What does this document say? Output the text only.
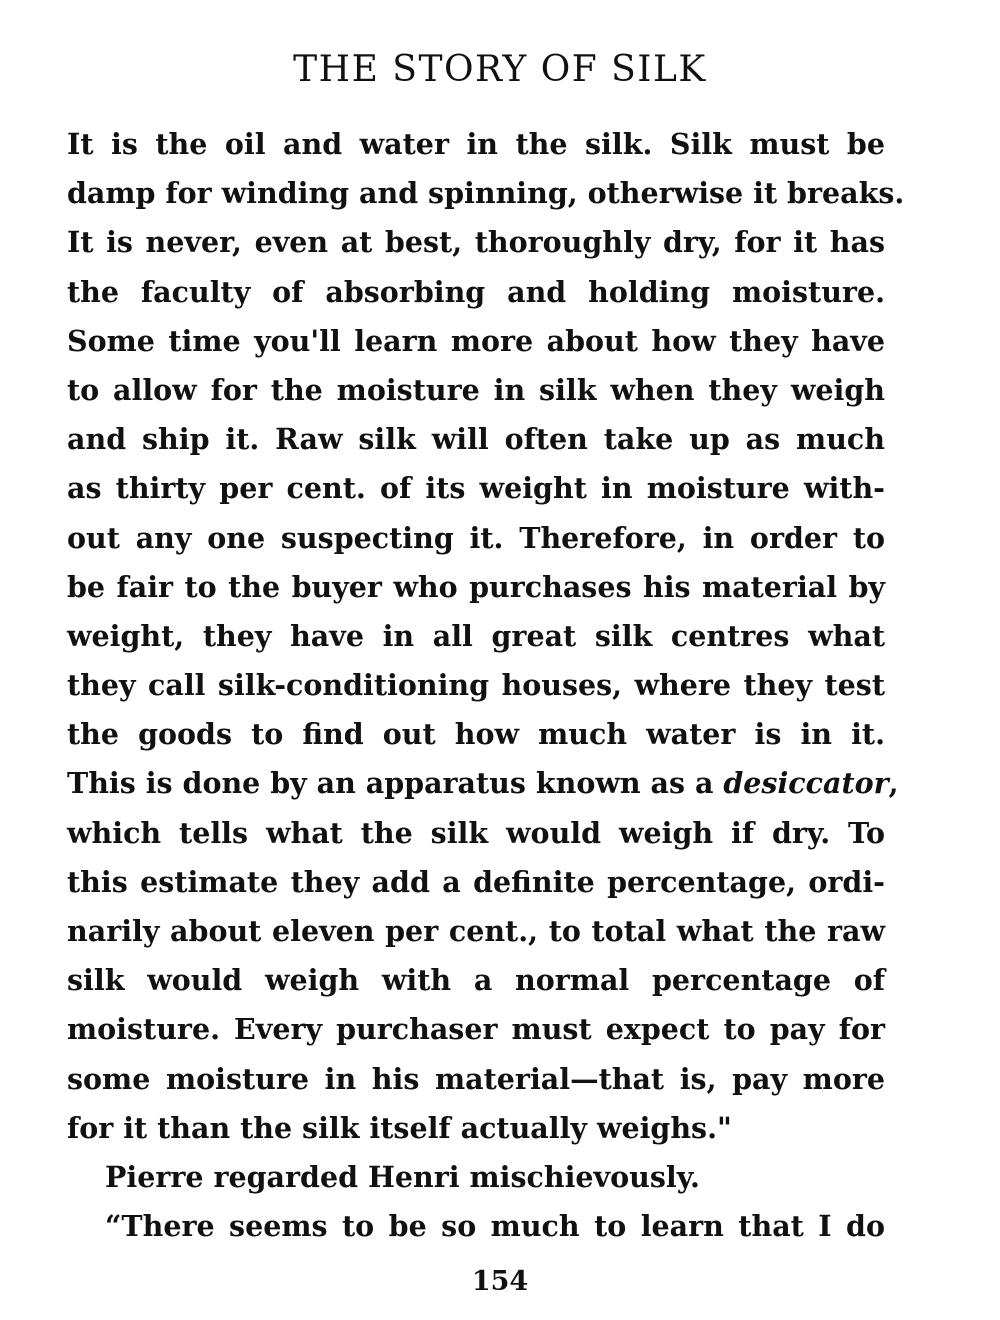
THE STORY OF SILK
It is the oil and water in the silk. Silk must be
damp for winding and spinning, otherwise it breaks.
It is never, even at best, thoroughly dry, for it has
the faculty of absorbing and holding moisture.
Some time you'll learn more about how they have
to allow for the moisture in silk when they weigh
and ship it. Raw silk will often take up as much
as thirty per cent. of its weight in moisture with-
out any one suspecting it. Therefore, in order to
be fair to the buyer who purchases his material by
weight, they have in all great silk centres what
they call silk-conditioning houses, where they test
the goods to find out how much water is in it.
This is done by an apparatus known as a desiccator,
which tells what the silk would weigh if dry. To
this estimate they add a definite percentage, ordi-
narily about eleven per cent., to total what the raw
silk would weigh with a normal percentage of
moisture. Every purchaser must expect to pay for
some moisture in his material—that is, pay more
for it than the silk itself actually weighs."
Pierre regarded Henri mischievously.
“There seems to be so much to learn that I do
154
